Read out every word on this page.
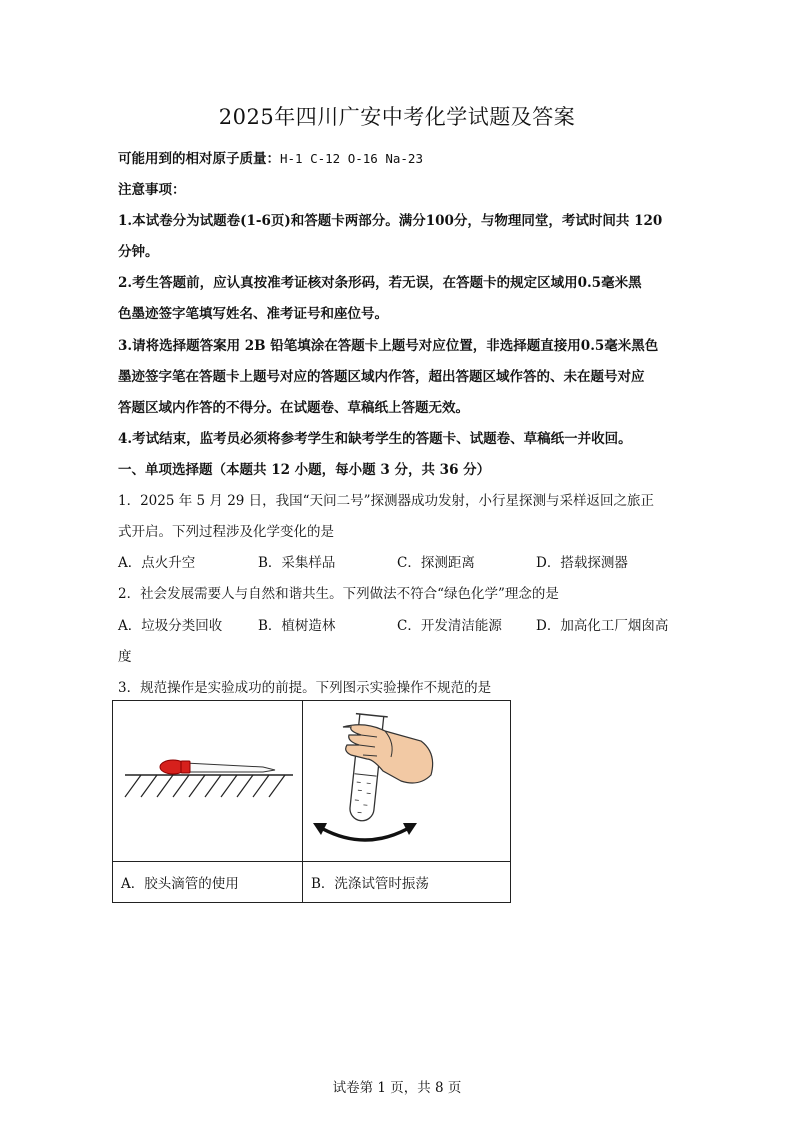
2025年四川广安中考化学试题及答案
可能用到的相对原子质量：H-1 C-12 O-16 Na-23
注意事项：
1.本试卷分为试题卷(1-6页)和答题卡两部分。满分100分，与物理同堂，考试时间共 120
分钟。
2.考生答题前，应认真按准考证核对条形码，若无误，在答题卡的规定区域用0.5毫米黑
色墨迹签字笔填写姓名、准考证号和座位号。
3.请将选择题答案用 2B 铅笔填涂在答题卡上题号对应位置，非选择题直接用0.5毫米黑色
墨迹签字笔在答题卡上题号对应的答题区域内作答，超出答题区域作答的、未在题号对应
答题区域内作答的不得分。在试题卷、草稿纸上答题无效。
4.考试结束，监考员必须将参考学生和缺考学生的答题卡、试题卷、草稿纸一并收回。
一、单项选择题（本题共 12 小题，每小题 3 分，共 36 分）
1．2025 年 5 月 29 日，我国“天问二号”探测器成功发射，小行星探测与采样返回之旅正
式开启。下列过程涉及化学变化的是
A．点火升空	B．采集样品	C．探测距离	D．搭载探测器
2．社会发展需要人与自然和谐共生。下列做法不符合“绿色化学”理念的是
A．垃圾分类回收	B．植树造林	C．开发清洁能源	D．加高化工厂烟囱高
度
3．规范操作是实验成功的前提。下列图示实验操作不规范的是

A．胶头滴管的使用	B．洗涤试管时振荡
试卷第 1 页，共 8 页
